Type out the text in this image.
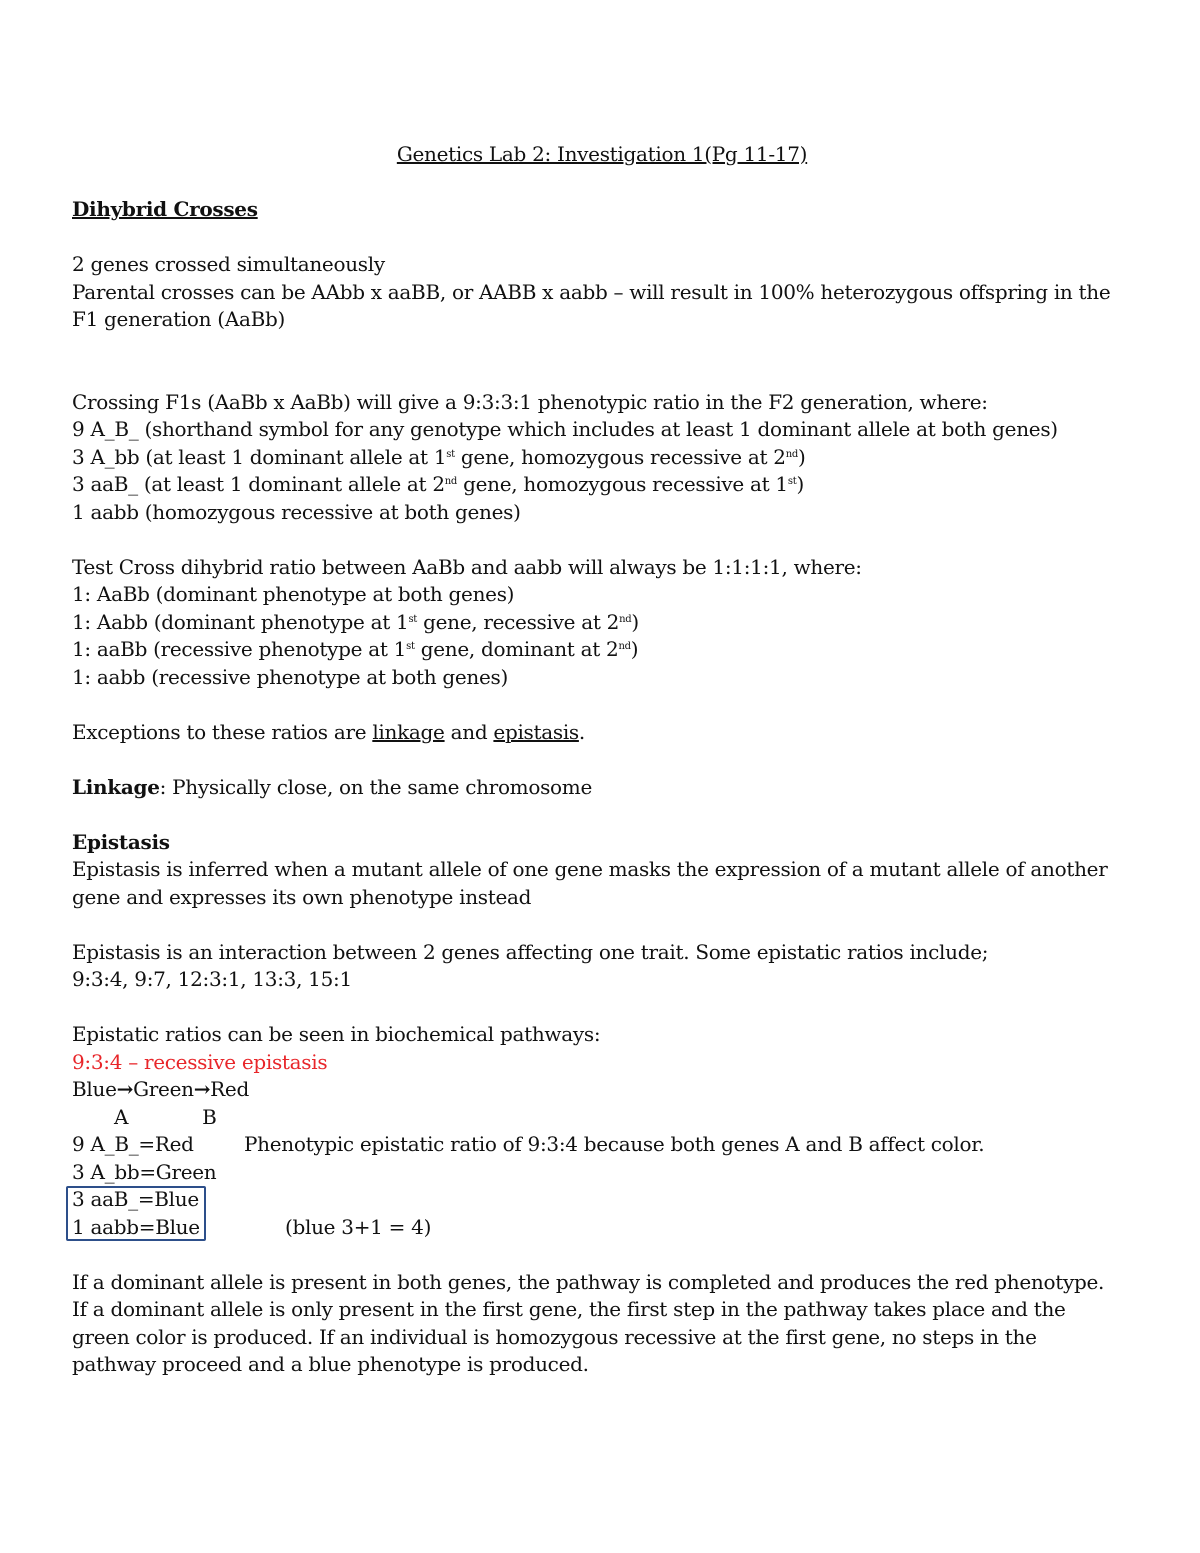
Genetics Lab 2: Investigation 1(Pg 11-17)
Dihybrid Crosses
2 genes crossed simultaneously
Parental crosses can be AAbb x aaBB, or AABB x aabb – will result in 100% heterozygous offspring in the
F1 generation (AaBb)
Crossing F1s (AaBb x AaBb) will give a 9:3:3:1 phenotypic ratio in the F2 generation, where:
9 A_B_ (shorthand symbol for any genotype which includes at least 1 dominant allele at both genes)
3 A_bb (at least 1 dominant allele at 1st gene, homozygous recessive at 2nd)
3 aaB_ (at least 1 dominant allele at 2nd gene, homozygous recessive at 1st)
1 aabb (homozygous recessive at both genes)
Test Cross dihybrid ratio between AaBb and aabb will always be 1:1:1:1, where:
1: AaBb (dominant phenotype at both genes)
1: Aabb (dominant phenotype at 1st gene, recessive at 2nd)
1: aaBb (recessive phenotype at 1st gene, dominant at 2nd)
1: aabb (recessive phenotype at both genes)
Exceptions to these ratios are linkage and epistasis.
Linkage: Physically close, on the same chromosome
Epistasis
Epistasis is inferred when a mutant allele of one gene masks the expression of a mutant allele of another
gene and expresses its own phenotype instead
Epistasis is an interaction between 2 genes affecting one trait. Some epistatic ratios include;
9:3:4, 9:7, 12:3:1, 13:3, 15:1
Epistatic ratios can be seen in biochemical pathways:
9:3:4 – recessive epistasis
Blue→Green→Red
A	B
9 A_B_=Red	Phenotypic epistatic ratio of 9:3:4 because both genes A and B affect color.
3 A_bb=Green
3 aaB_=Blue
1 aabb=Blue	(blue 3+1 = 4)
If a dominant allele is present in both genes, the pathway is completed and produces the red phenotype.
If a dominant allele is only present in the first gene, the first step in the pathway takes place and the
green color is produced. If an individual is homozygous recessive at the first gene, no steps in the
pathway proceed and a blue phenotype is produced.
